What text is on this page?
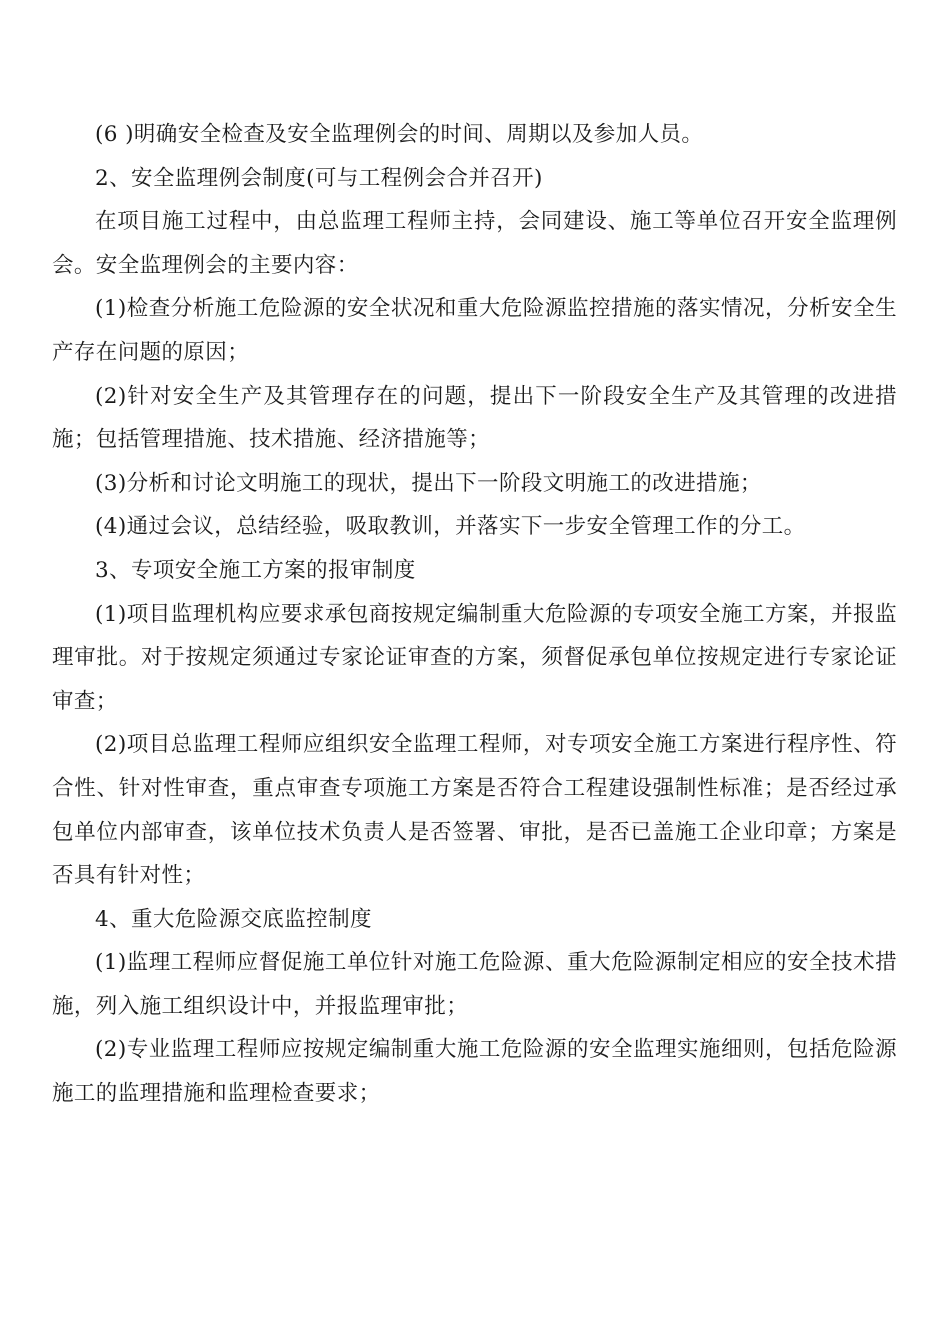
(6 )明确安全检查及安全监理例会的时间、周期以及参加人员。

2、安全监理例会制度(可与工程例会合并召开)

在项目施工过程中，由总监理工程师主持，会同建设、施工等单位召开安全监理例会。安全监理例会的主要内容：

(1)检查分析施工危险源的安全状况和重大危险源监控措施的落实情况，分析安全生产存在问题的原因；

(2)针对安全生产及其管理存在的问题，提出下一阶段安全生产及其管理的改进措施；包括管理措施、技术措施、经济措施等；

(3)分析和讨论文明施工的现状，提出下一阶段文明施工的改进措施；

(4)通过会议，总结经验，吸取教训，并落实下一步安全管理工作的分工。

3、专项安全施工方案的报审制度

(1)项目监理机构应要求承包商按规定编制重大危险源的专项安全施工方案，并报监理审批。对于按规定须通过专家论证审查的方案，须督促承包单位按规定进行专家论证审查；

(2)项目总监理工程师应组织安全监理工程师，对专项安全施工方案进行程序性、符合性、针对性审查，重点审查专项施工方案是否符合工程建设强制性标准；是否经过承包单位内部审查，该单位技术负责人是否签署、审批，是否已盖施工企业印章；方案是否具有针对性；

4、重大危险源交底监控制度

(1)监理工程师应督促施工单位针对施工危险源、重大危险源制定相应的安全技术措施，列入施工组织设计中，并报监理审批；

(2)专业监理工程师应按规定编制重大施工危险源的安全监理实施细则，包括危险源施工的监理措施和监理检查要求；
